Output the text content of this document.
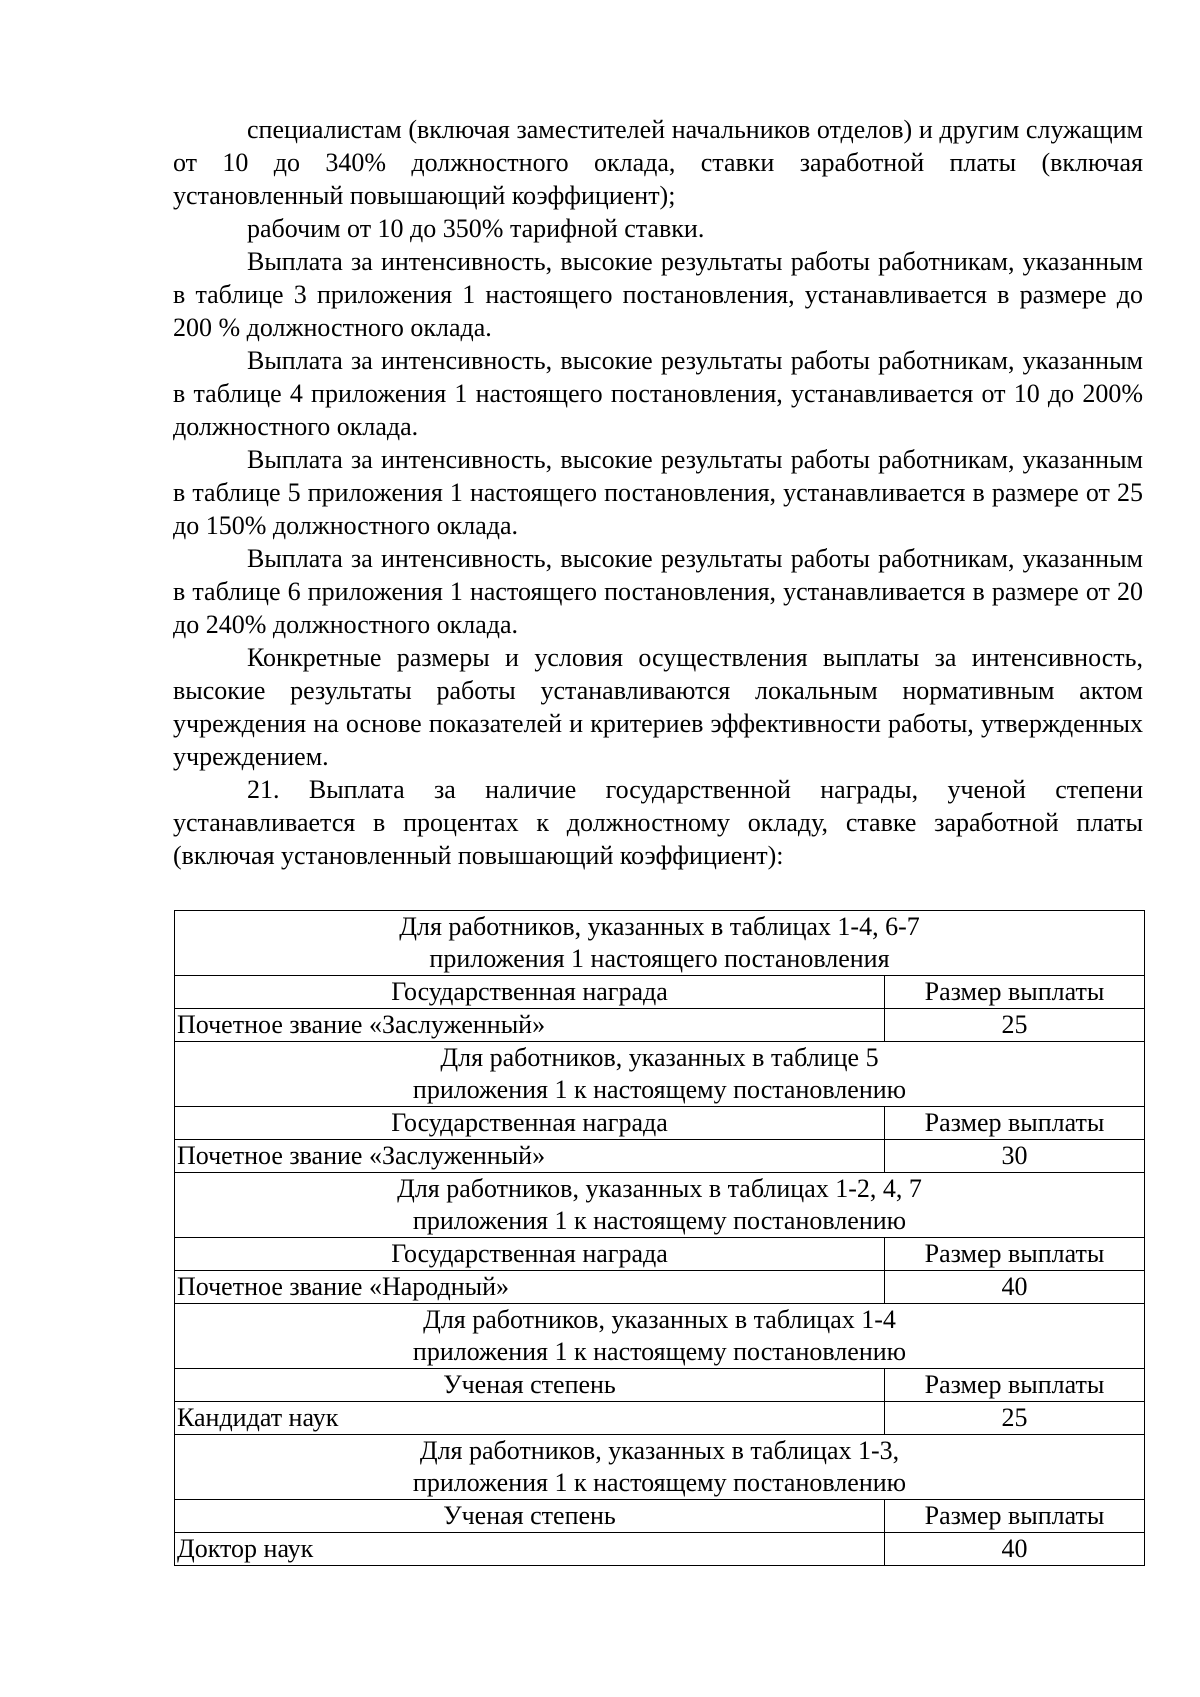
специалистам (включая заместителей начальников отделов) и другим служащим от 10 до 340% должностного оклада, ставки заработной платы (включая установленный повышающий коэффициент);

рабочим от 10 до 350% тарифной ставки.

Выплата за интенсивность, высокие результаты работы работникам, указанным в таблице 3 приложения 1 настоящего постановления, устанавливается в размере до 200 % должностного оклада.

Выплата за интенсивность, высокие результаты работы работникам, указанным в таблице 4 приложения 1 настоящего постановления, устанавливается от 10 до 200% должностного оклада.

Выплата за интенсивность, высокие результаты работы работникам, указанным в таблице 5 приложения 1 настоящего постановления, устанавливается в размере от 25 до 150% должностного оклада.

Выплата за интенсивность, высокие результаты работы работникам, указанным в таблице 6 приложения 1 настоящего постановления, устанавливается в размере от 20 до 240% должностного оклада.

Конкретные размеры и условия осуществления выплаты за интенсивность, высокие результаты работы устанавливаются локальным нормативным актом учреждения на основе показателей и критериев эффективности работы, утвержденных учреждением.

21. Выплата за наличие государственной награды, ученой степени устанавливается в процентах к должностному окладу, ставке заработной платы (включая установленный повышающий коэффициент):

Для работников, указанных в таблицах 1-4, 6-7
приложения 1 настоящего постановления	

Государственная награда	Размер выплаты
Почетное звание «Заслуженный»	25

Для работников, указанных в таблице 5
приложения 1 к настоящему постановлению	

Государственная награда	Размер выплаты
Почетное звание «Заслуженный»	30

Для работников, указанных в таблицах 1-2, 4, 7
приложения 1 к настоящему постановлению	

Государственная награда	Размер выплаты
Почетное звание «Народный»	40

Для работников, указанных в таблицах 1-4
приложения 1 к настоящему постановлению	

Ученая степень	Размер выплаты
Кандидат наук	25

Для работников, указанных в таблицах 1-3,
приложения 1 к настоящему постановлению	

Ученая степень	Размер выплаты
Доктор наук	40
